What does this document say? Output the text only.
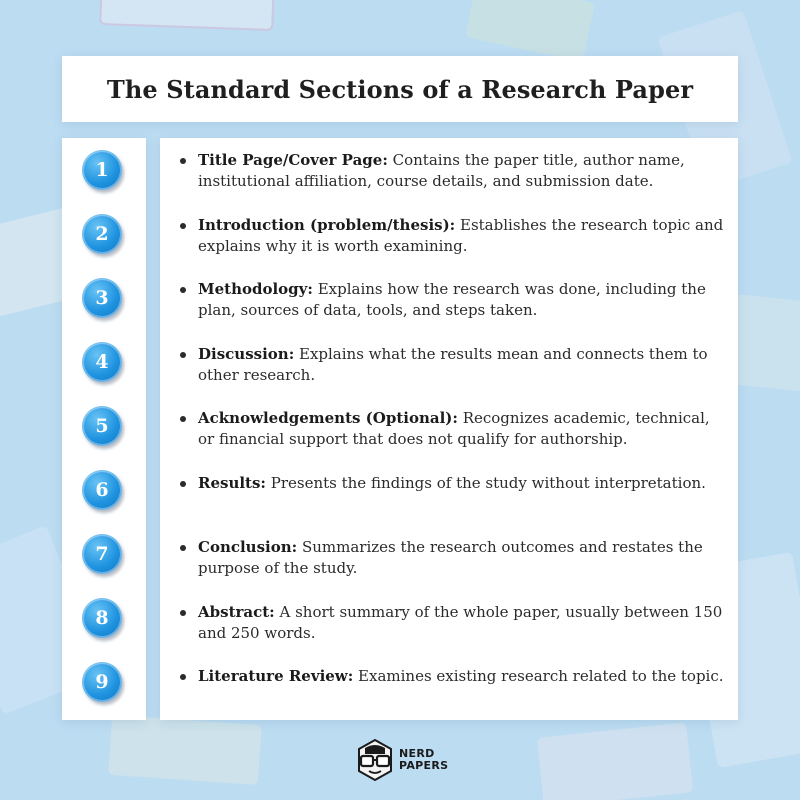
The Standard Sections of a Research Paper
1
2
3
4
5
6
7
8
9
Title Page/Cover Page: Contains the paper title, author name, institutional affiliation, course details, and submission date.
Introduction (problem/thesis): Establishes the research topic and explains why it is worth examining.
Methodology: Explains how the research was done, including the plan, sources of data, tools, and steps taken.
Discussion: Explains what the results mean and connects them to other research.
Acknowledgements (Optional): Recognizes academic, technical, or financial support that does not qualify for authorship.
Results: Presents the findings of the study without interpretation.
Conclusion: Summarizes the research outcomes and restates the purpose of the study.
Abstract: A short summary of the whole paper, usually between 150 and 250 words.
Literature Review: Examines existing research related to the topic.
NERD
PAPERS
